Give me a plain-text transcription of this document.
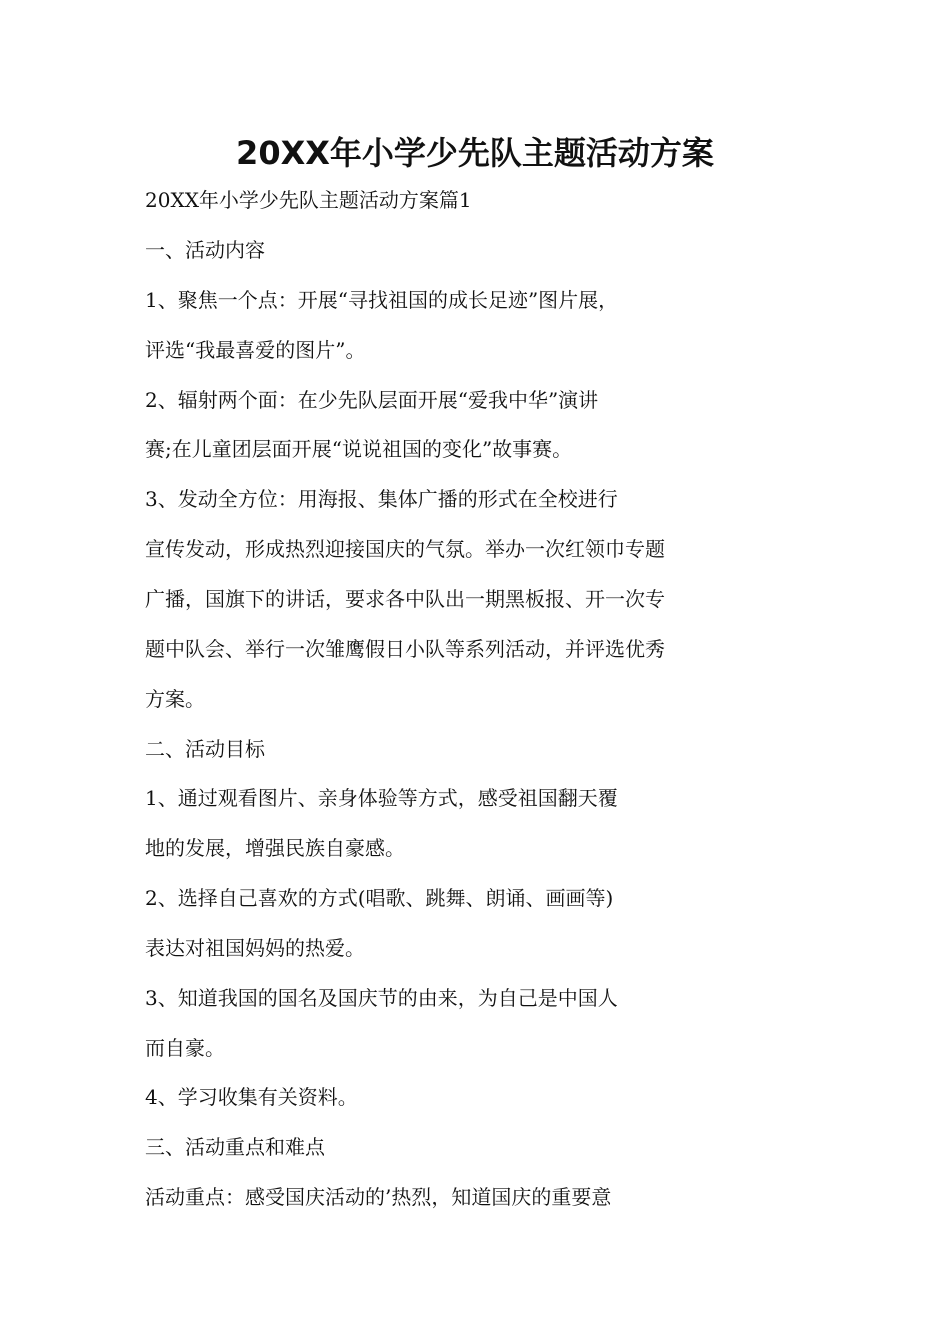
20XX年小学少先队主题活动方案

20XX年小学少先队主题活动方案篇1

一、活动内容

1、聚焦一个点：开展“寻找祖国的成长足迹”图片展，

评选“我最喜爱的图片”。

2、辐射两个面：在少先队层面开展“爱我中华”演讲

赛;在儿童团层面开展“说说祖国的变化”故事赛。

3、发动全方位：用海报、集体广播的形式在全校进行

宣传发动，形成热烈迎接国庆的气氛。举办一次红领巾专题

广播，国旗下的讲话，要求各中队出一期黑板报、开一次专

题中队会、举行一次雏鹰假日小队等系列活动，并评选优秀

方案。

二、活动目标

1、通过观看图片、亲身体验等方式，感受祖国翻天覆

地的发展，增强民族自豪感。

2、选择自己喜欢的方式(唱歌、跳舞、朗诵、画画等)

表达对祖国妈妈的热爱。

3、知道我国的国名及国庆节的由来，为自己是中国人

而自豪。

4、学习收集有关资料。

三、活动重点和难点

活动重点：感受国庆活动的’热烈，知道国庆的重要意
